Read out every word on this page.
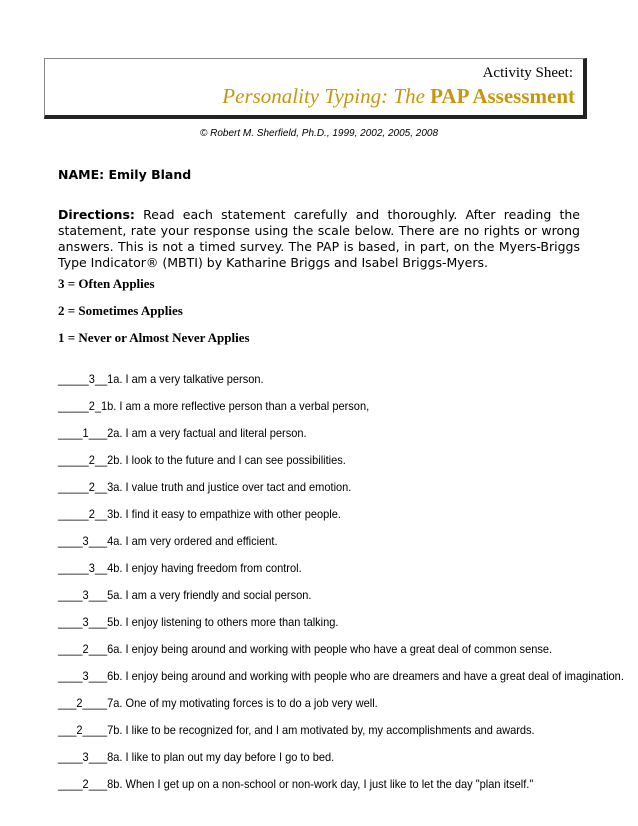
Activity Sheet:
Personality Typing: The PAP Assessment
© Robert M. Sherfield, Ph.D., 1999, 2002, 2005, 2008
NAME: Emily Bland
Directions: Read each statement carefully and thoroughly. After reading the statement, rate your response using the scale below. There are no rights or wrong answers. This is not a timed survey. The PAP is based, in part, on the Myers-Briggs Type Indicator® (MBTI) by Katharine Briggs and Isabel Briggs-Myers.
3 = Often Applies
2 = Sometimes Applies
1 = Never or Almost Never Applies
_____3__1a. I am a very talkative person.
_____2_1b. I am a more reflective person than a verbal person,
____1___2a. I am a very factual and literal person.
_____2__2b. I look to the future and I can see possibilities.
_____2__3a. I value truth and justice over tact and emotion.
_____2__3b. I find it easy to empathize with other people.
____3___4a. I am very ordered and efficient.
_____3__4b. I enjoy having freedom from control.
____3___5a. I am a very friendly and social person.
____3___5b. I enjoy listening to others more than talking.
____2___6a. I enjoy being around and working with people who have a great deal of common sense.
____3___6b. I enjoy being around and working with people who are dreamers and have a great deal of imagination.
___2____7a. One of my motivating forces is to do a job very well.
___2____7b. I like to be recognized for, and I am motivated by, my accomplishments and awards.
____3___8a. I like to plan out my day before I go to bed.
____2___8b. When I get up on a non-school or non-work day, I just like to let the day "plan itself."
